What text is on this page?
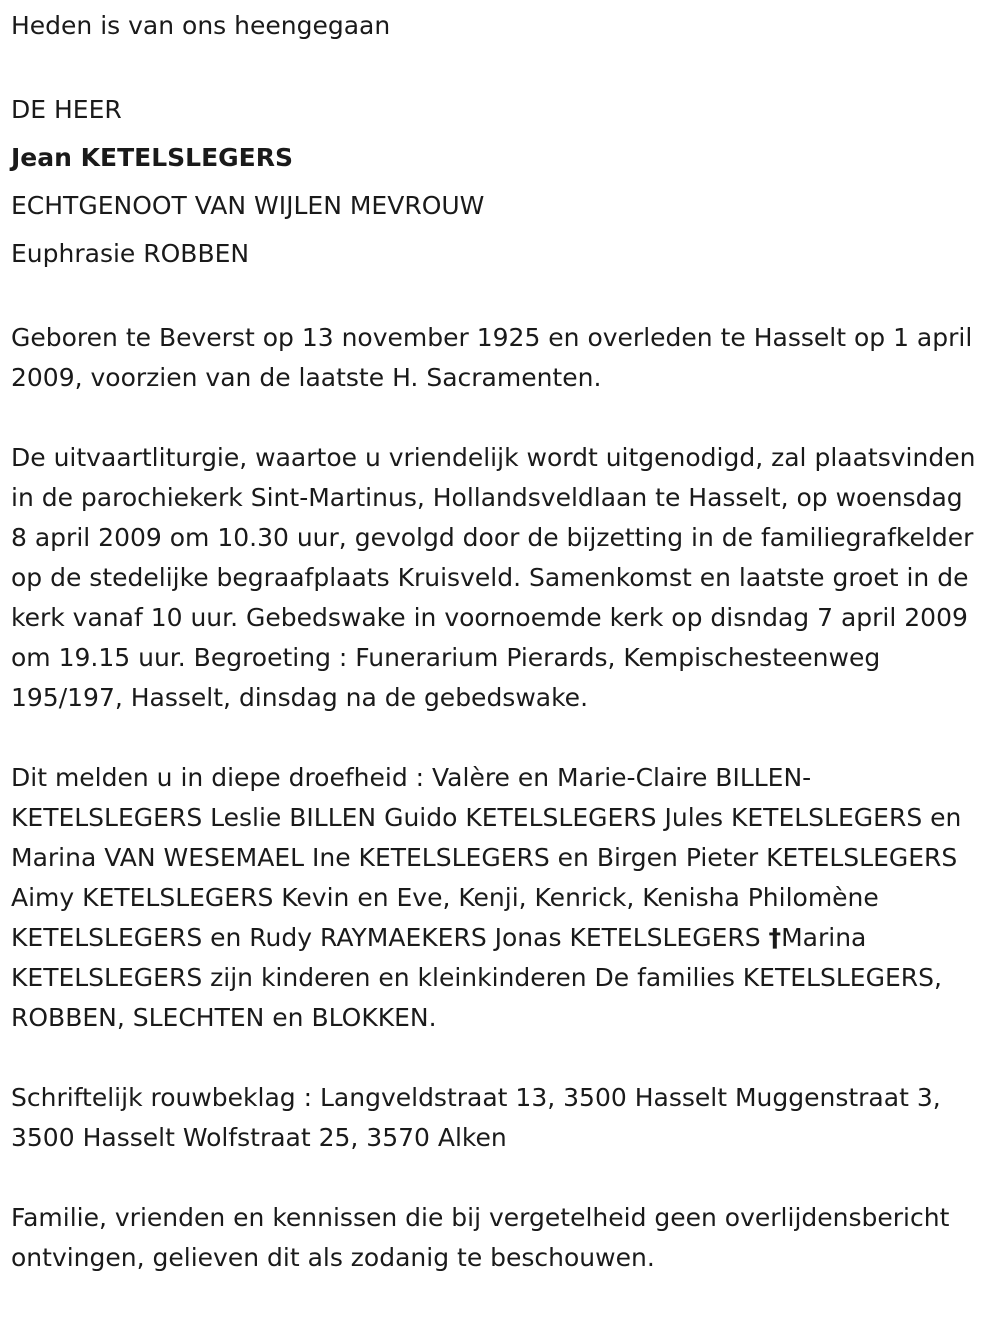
Heden is van ons heengegaan

DE HEER

Jean KETELSLEGERS

ECHTGENOOT VAN WIJLEN MEVROUW

Euphrasie ROBBEN

Geboren te Beverst op 13 november 1925 en overleden te Hasselt op 1 april 2009, voorzien van de laatste H. Sacramenten.

De uitvaartliturgie, waartoe u vriendelijk wordt uitgenodigd, zal plaatsvinden in de parochiekerk Sint-Martinus, Hollandsveldlaan te Hasselt, op woensdag 8 april 2009 om 10.30 uur, gevolgd door de bijzetting in de familiegrafkelder op de stedelijke begraafplaats Kruisveld. Samenkomst en laatste groet in de kerk vanaf 10 uur. Gebedswake in voornoemde kerk op disndag 7 april 2009 om 19.15 uur. Begroeting : Funerarium Pierards, Kempischesteenweg 195/197, Hasselt, dinsdag na de gebedswake.

Dit melden u in diepe droefheid : Valère en Marie-Claire BILLEN-KETELSLEGERS Leslie BILLEN Guido KETELSLEGERS Jules KETELSLEGERS en Marina VAN WESEMAEL Ine KETELSLEGERS en Birgen Pieter KETELSLEGERS Aimy KETELSLEGERS Kevin en Eve, Kenji, Kenrick, Kenisha Philomène KETELSLEGERS en Rudy RAYMAEKERS Jonas KETELSLEGERS †Marina KETELSLEGERS zijn kinderen en kleinkinderen De families KETELSLEGERS, ROBBEN, SLECHTEN en BLOKKEN.

Schriftelijk rouwbeklag : Langveldstraat 13, 3500 Hasselt Muggenstraat 3, 3500 Hasselt Wolfstraat 25, 3570 Alken

Familie, vrienden en kennissen die bij vergetelheid geen overlijdensbericht ontvingen, gelieven dit als zodanig te beschouwen.
